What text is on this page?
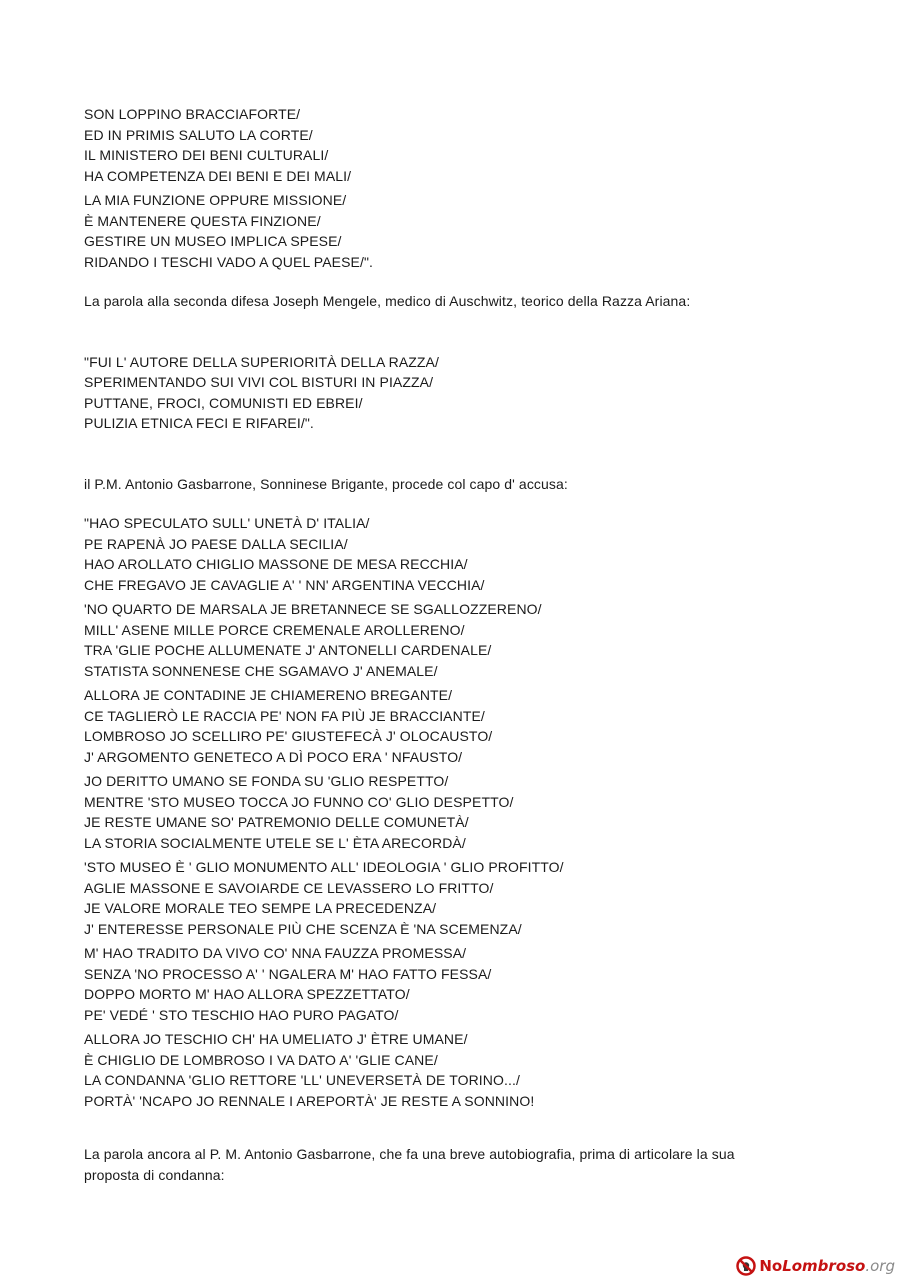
SON LOPPINO BRACCIAFORTE/
ED IN PRIMIS SALUTO LA CORTE/
IL MINISTERO DEI BENI CULTURALI/
HA COMPETENZA DEI BENI E DEI MALI/
LA MIA FUNZIONE OPPURE MISSIONE/
È MANTENERE QUESTA FINZIONE/
GESTIRE UN MUSEO IMPLICA SPESE/
RIDANDO I TESCHI VADO A QUEL PAESE/".
La parola alla seconda difesa Joseph Mengele, medico di Auschwitz, teorico della Razza Ariana:
"FUI L' AUTORE DELLA SUPERIORITÀ DELLA RAZZA/
SPERIMENTANDO SUI VIVI COL BISTURI IN PIAZZA/
PUTTANE, FROCI, COMUNISTI ED EBREI/
PULIZIA ETNICA FECI E RIFAREI/".
il P.M. Antonio Gasbarrone, Sonninese Brigante, procede col capo d' accusa:
"HAO SPECULATO SULL' UNETÀ D' ITALIA/
PE RAPENÀ JO PAESE DALLA SECILIA/
HAO AROLLATO CHIGLIO MASSONE DE MESA RECCHIA/
CHE FREGAVO JE CAVAGLIE A' ' NN' ARGENTINA VECCHIA/
'NO QUARTO DE MARSALA JE BRETANNECE SE SGALLOZZERENO/
MILL' ASENE MILLE PORCE CREMENALE AROLLERENO/
TRA 'GLIE POCHE ALLUMENATE J' ANTONELLI CARDENALE/
STATISTA SONNENESE CHE SGAMAVO J' ANEMALE/
ALLORA JE CONTADINE JE CHIAMERENO BREGANTE/
CE TAGLIERÒ LE RACCIA PE' NON FA PIÙ JE BRACCIANTE/
LOMBROSO JO SCELLIRO PE' GIUSTEFECÀ J' OLOCAUSTO/
J' ARGOMENTO GENETECO A DÌ POCO ERA ' NFAUSTO/
JO DERITTO UMANO SE FONDA SU 'GLIO RESPETTO/
MENTRE 'STO MUSEO TOCCA JO FUNNO CO' GLIO DESPETTO/
JE RESTE UMANE SO' PATREMONIO DELLE COMUNETÀ/
LA STORIA SOCIALMENTE UTELE SE L' ÈTA ARECORDÀ/
'STO MUSEO È ' GLIO MONUMENTO ALL' IDEOLOGIA ' GLIO PROFITTO/
AGLIE MASSONE E SAVOIARDE CE LEVASSERO LO FRITTO/
JE VALORE MORALE TEO SEMPE LA PRECEDENZA/
J' ENTERESSE PERSONALE PIÙ CHE SCENZA È 'NA SCEMENZA/
M' HAO TRADITO DA VIVO CO' NNA FAUZZA PROMESSA/
SENZA 'NO PROCESSO A' ' NGALERA M' HAO FATTO FESSA/
DOPPO MORTO M' HAO ALLORA SPEZZETTATO/
PE' VEDÉ ' STO TESCHIO HAO PURO PAGATO/
ALLORA JO TESCHIO CH' HA UMELIATO J' ÈTRE UMANE/
È CHIGLIO DE LOMBROSO I VA DATO A' 'GLIE CANE/
LA CONDANNA 'GLIO RETTORE 'LL' UNEVERSETÀ DE TORINO.../
PORTÀ' 'NCAPO JO RENNALE I AREPORTÀ' JE RESTE A SONNINO!
La parola ancora al P. M. Antonio Gasbarrone, che fa una breve autobiografia, prima di articolare la sua proposta di condanna:
NoLombroso.org
